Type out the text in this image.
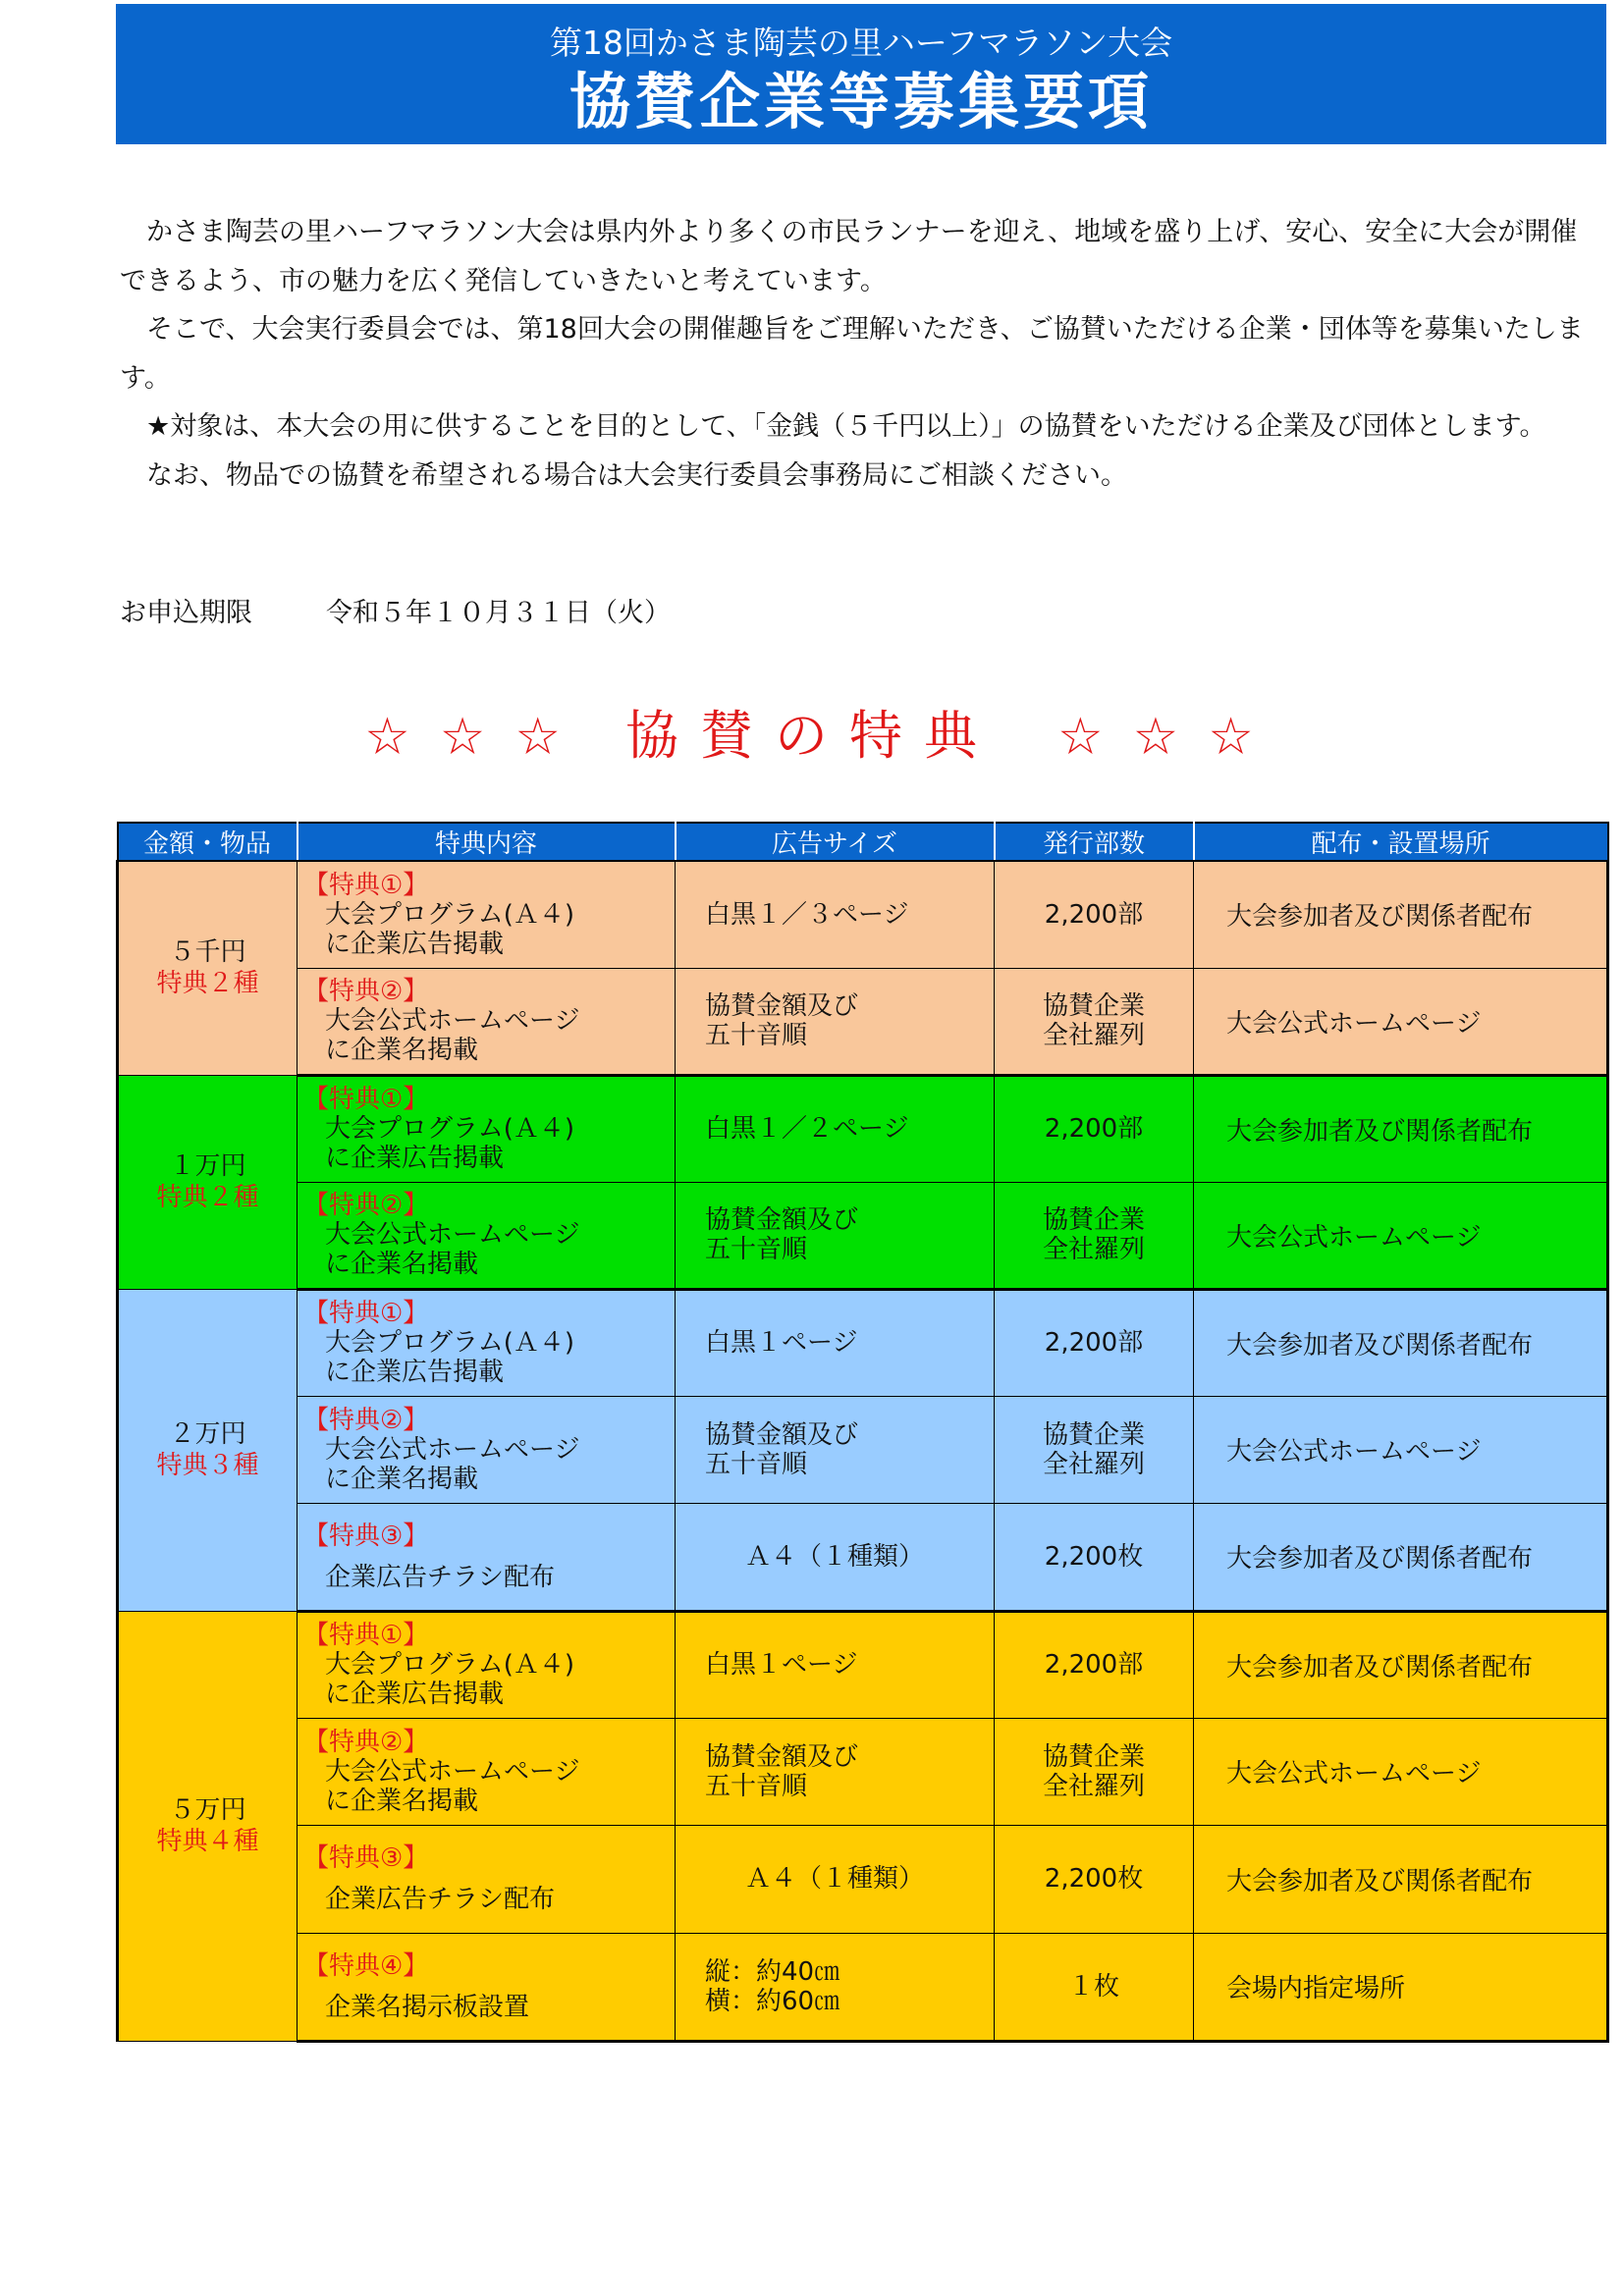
第18回かさま陶芸の里ハーフマラソン大会
協賛企業等募集要項

かさま陶芸の里ハーフマラソン大会は県内外より多くの市民ランナーを迎え、地域を盛り上げ、安心、安全に大会が開催できるよう、市の魅力を広く発信していきたいと考えています。

そこで、大会実行委員会では、第18回大会の開催趣旨をご理解いただき、ご協賛いただける企業・団体等を募集いたします。

★対象は、本大会の用に供することを目的として、「金銭（５千円以上）」の協賛をいただける企業及び団体とします。

なお、物品での協賛を希望される場合は大会実行委員会事務局にご相談ください。

お申込期限	令和５年１０月３１日（火）
☆ ☆ ☆ 協賛の特典 ☆ ☆ ☆
金額・物品	特典内容	広告サイズ	発行部数	配布・設置場所

５千円
特典２種	【特典①】
大会プログラム(Ａ４)
に企業広告掲載	白黒１／３ページ	2,200部	大会参加者及び関係者配布

	【特典②】
大会公式ホームページ
に企業名掲載	協賛金額及び
五十音順	協賛企業
全社羅列	大会公式ホームページ

１万円
特典２種	【特典①】
大会プログラム(Ａ４)
に企業広告掲載	白黒１／２ページ	2,200部	大会参加者及び関係者配布

	【特典②】
大会公式ホームページ
に企業名掲載	協賛金額及び
五十音順	協賛企業
全社羅列	大会公式ホームページ

２万円
特典３種	【特典①】
大会プログラム(Ａ４)
に企業広告掲載	白黒１ページ	2,200部	大会参加者及び関係者配布

	【特典②】
大会公式ホームページ
に企業名掲載	協賛金額及び
五十音順	協賛企業
全社羅列	大会公式ホームページ

	【特典③】
企業広告チラシ配布	Ａ４（１種類）	2,200枚	大会参加者及び関係者配布

５万円
特典４種	【特典①】
大会プログラム(Ａ４)
に企業広告掲載	白黒１ページ	2,200部	大会参加者及び関係者配布

	【特典②】
大会公式ホームページ
に企業名掲載	協賛金額及び
五十音順	協賛企業
全社羅列	大会公式ホームページ

	【特典③】
企業広告チラシ配布	Ａ４（１種類）	2,200枚	大会参加者及び関係者配布

	【特典④】
企業名掲示板設置	縦：約40㎝
横：約60㎝	１枚	会場内指定場所
